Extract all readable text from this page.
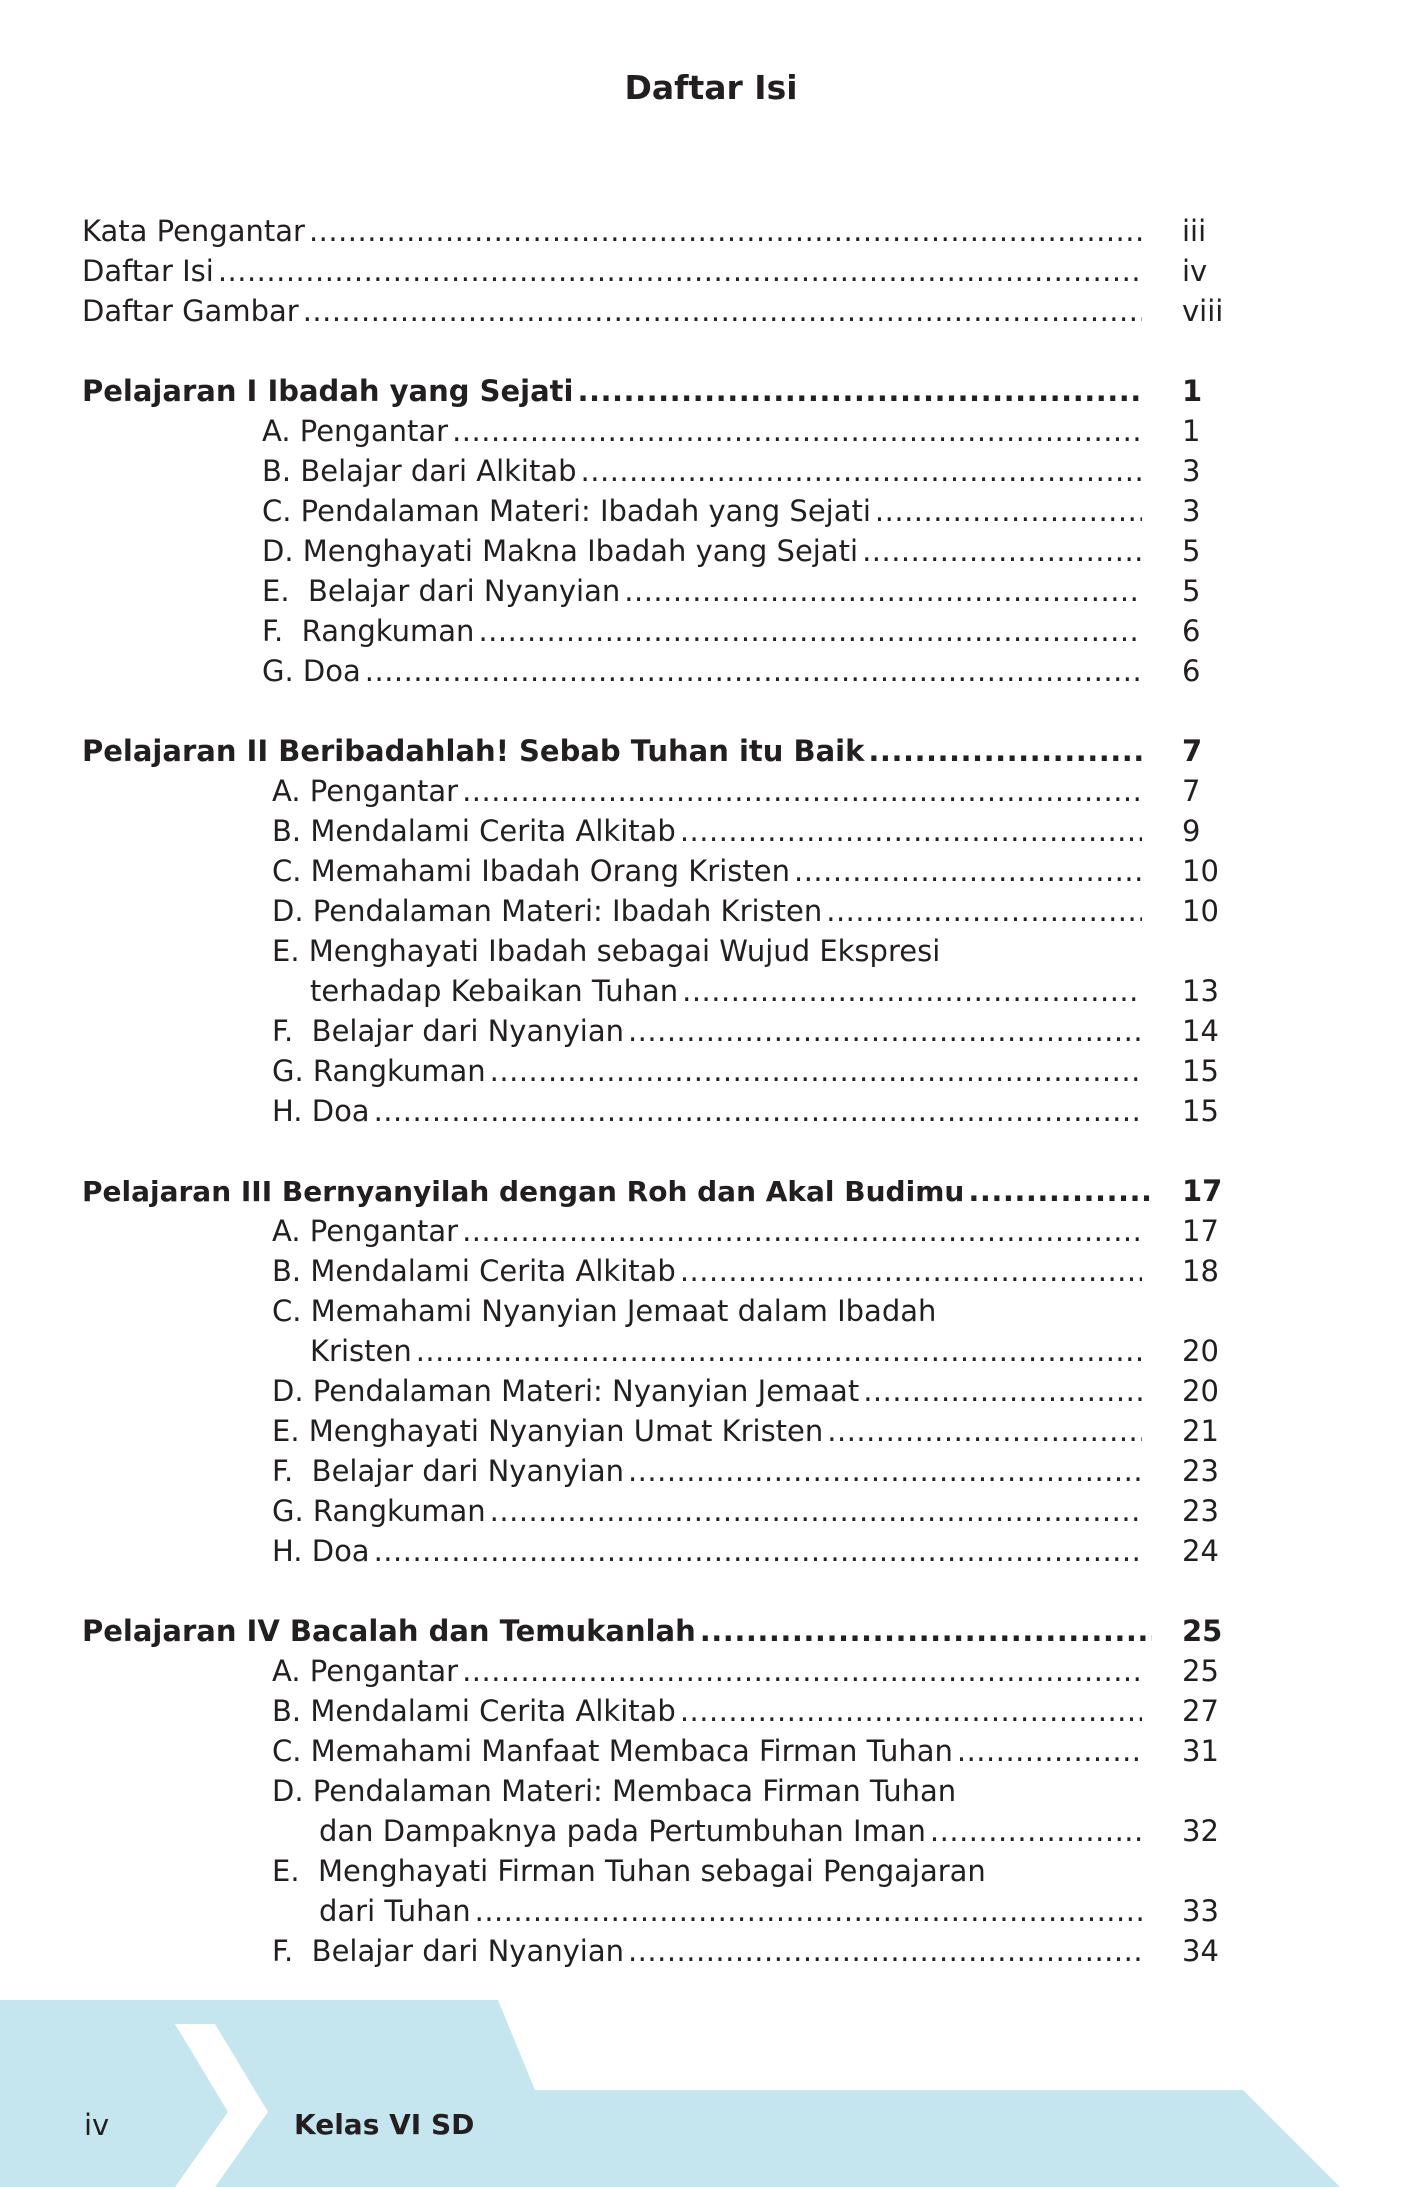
Daftar Isi
Kata Pengantar .....	iii
Daftar Isi .....	iv
Daftar Gambar .....	viii
Pelajaran I Ibadah yang Sejati .....	1
A. Pengantar .....	1
B. Belajar dari Alkitab .....	3
C. Pendalaman Materi: Ibadah yang Sejati .....	3
D. Menghayati Makna Ibadah yang Sejati .....	5
E.  Belajar dari Nyanyian .....	5
F.  Rangkuman .....	6
G. Doa .....	6
Pelajaran II Beribadahlah! Sebab Tuhan itu Baik .....	7
A. Pengantar .....	7
B. Mendalami Cerita Alkitab .....	9
C. Memahami Ibadah Orang Kristen .....	10
D. Pendalaman Materi: Ibadah Kristen .....	10
E. Menghayati Ibadah sebagai Wujud Ekspresi
terhadap Kebaikan Tuhan .....	13
F.  Belajar dari Nyanyian .....	14
G. Rangkuman .....	15
H. Doa .....	15
Pelajaran III Bernyanyilah dengan Roh dan Akal Budimu .....	17
A. Pengantar .....	17
B. Mendalami Cerita Alkitab .....	18
C. Memahami Nyanyian Jemaat dalam Ibadah
Kristen .....	20
D. Pendalaman Materi: Nyanyian Jemaat .....	20
E. Menghayati Nyanyian Umat Kristen .....	21
F.  Belajar dari Nyanyian .....	23
G. Rangkuman .....	23
H. Doa .....	24
Pelajaran IV Bacalah dan Temukanlah .....	25
A. Pengantar .....	25
B. Mendalami Cerita Alkitab .....	27
C. Memahami Manfaat Membaca Firman Tuhan .....	31
D. Pendalaman Materi: Membaca Firman Tuhan
dan Dampaknya pada Pertumbuhan Iman .....	32
E.  Menghayati Firman Tuhan sebagai Pengajaran
dari Tuhan .....	33
F.  Belajar dari Nyanyian .....	34
iv	Kelas VI SD
